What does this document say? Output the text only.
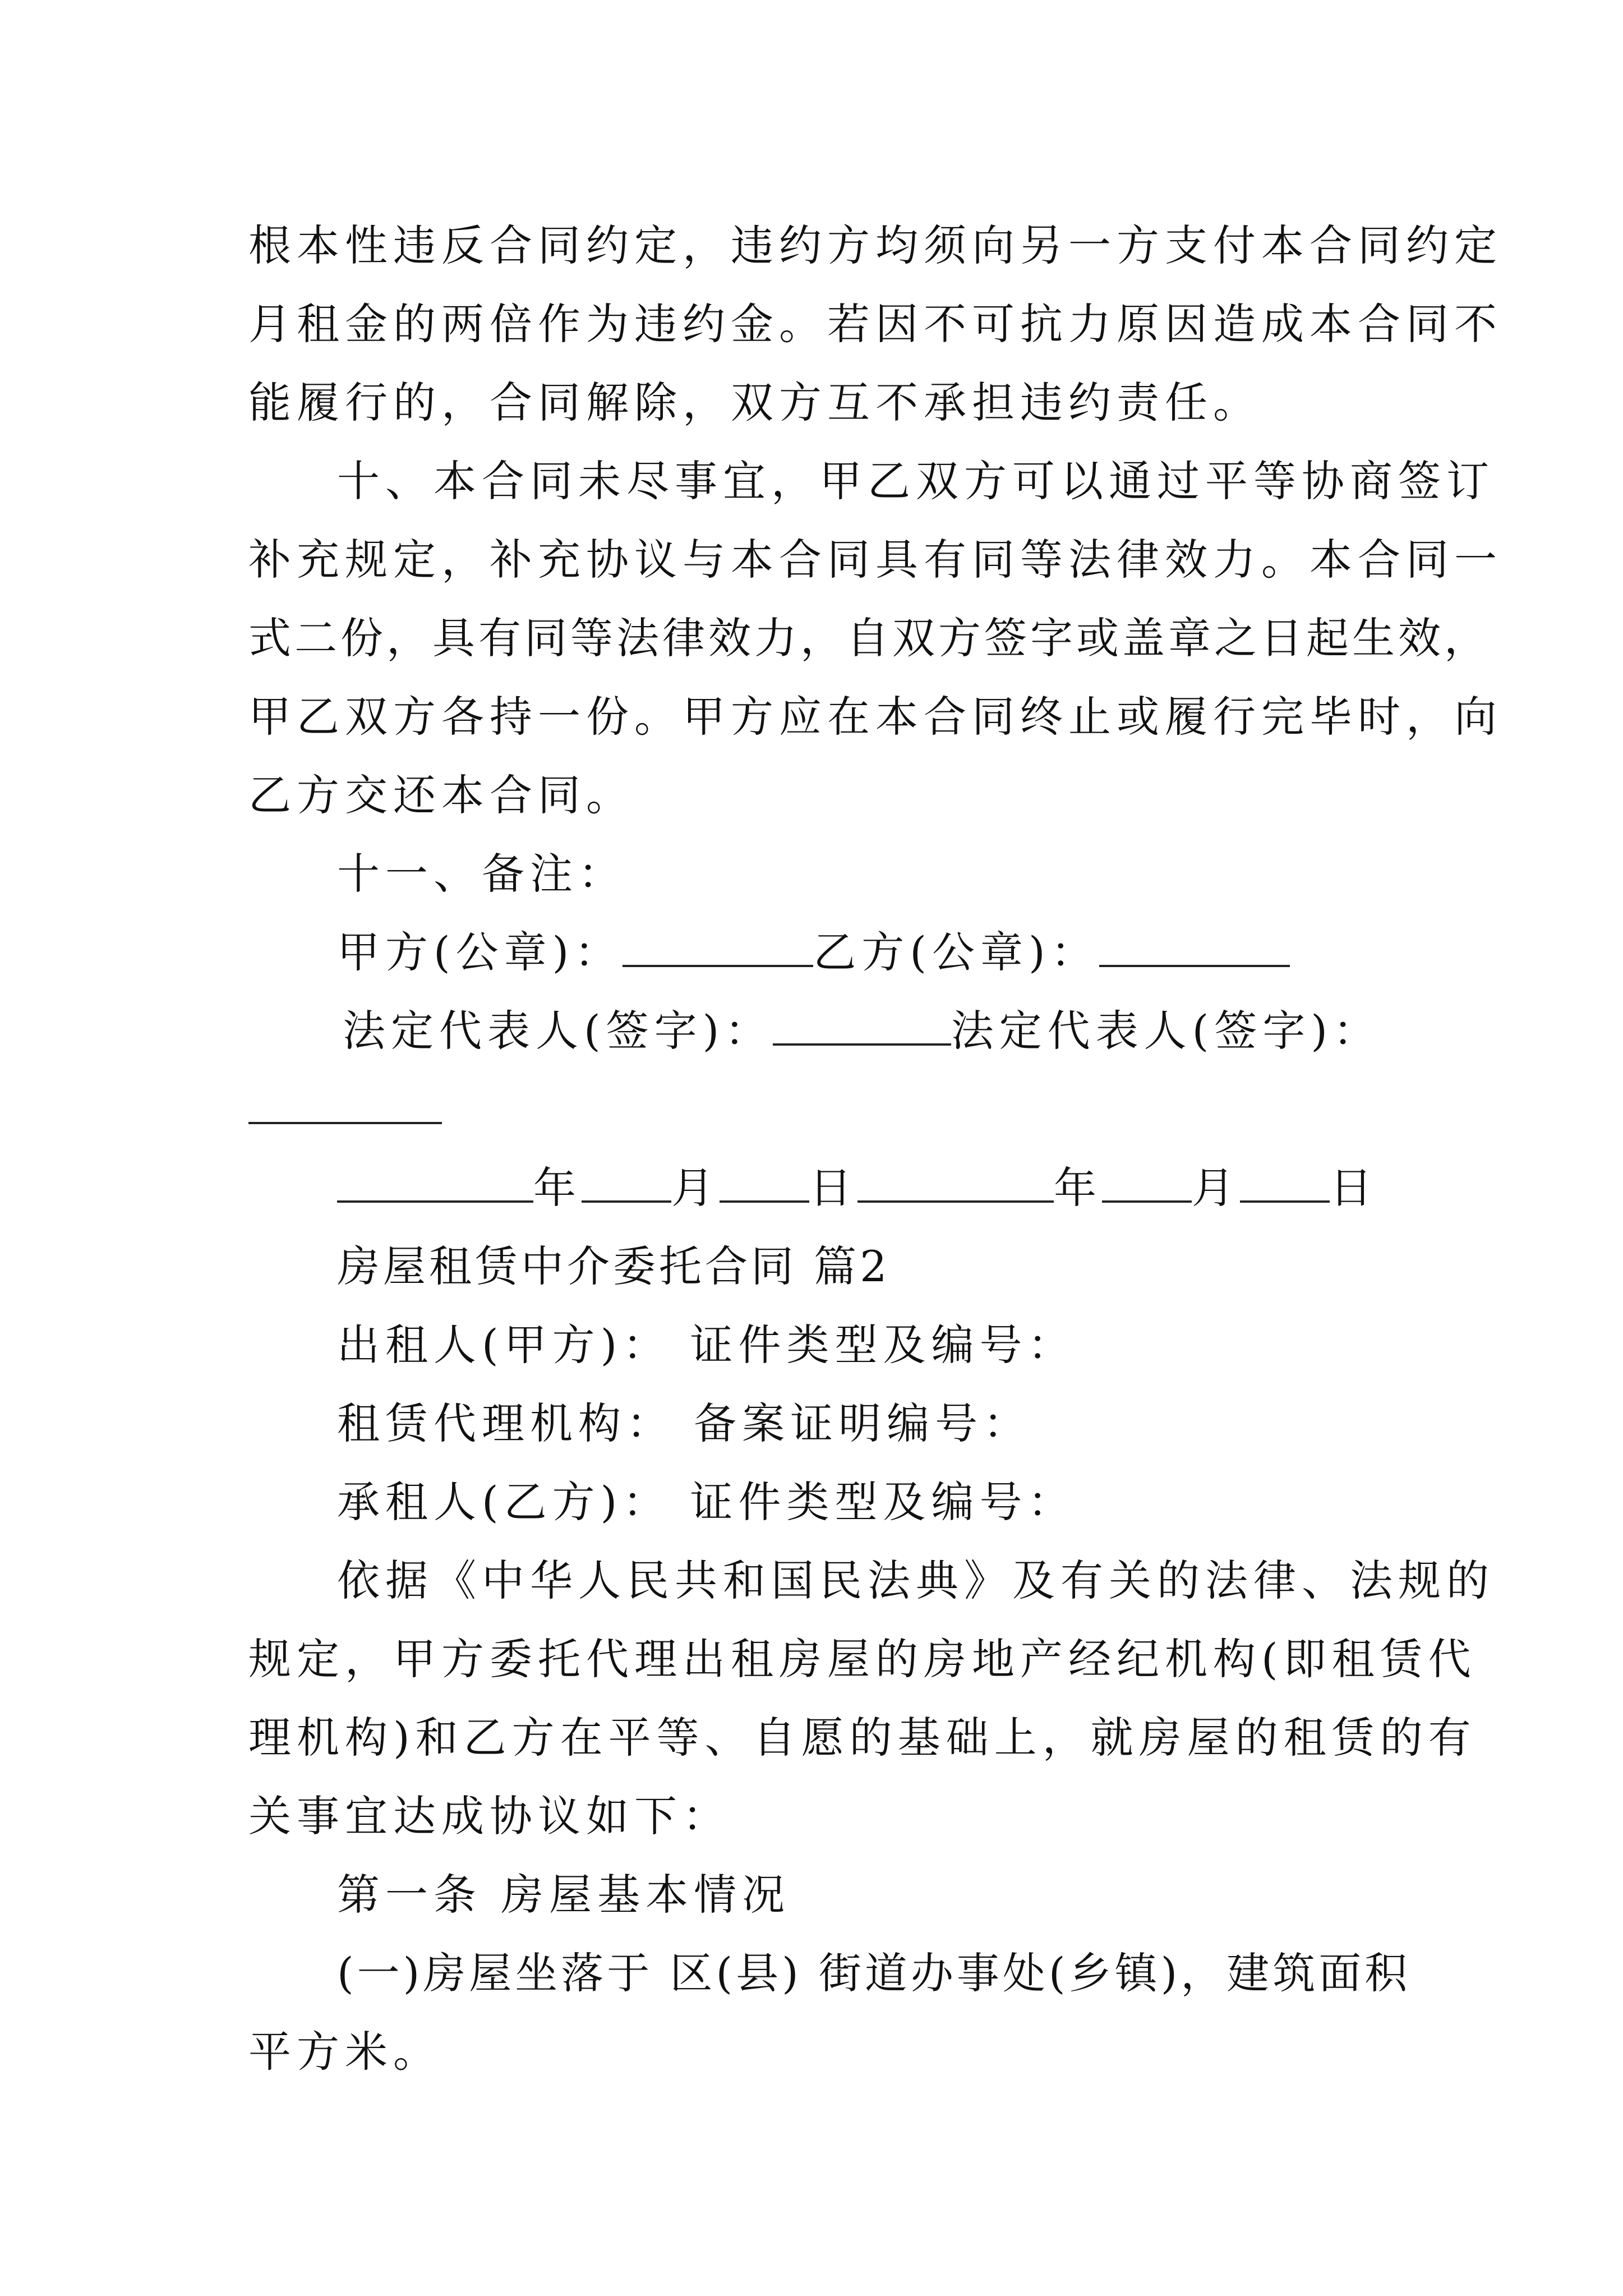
根本性违反合同约定，违约方均须向另一方支付本合同约定
月租金的两倍作为违约金。若因不可抗力原因造成本合同不
能履行的，合同解除，双方互不承担违约责任。
十、本合同未尽事宜，甲乙双方可以通过平等协商签订
补充规定，补充协议与本合同具有同等法律效力。本合同一
式二份，具有同等法律效力，自双方签字或盖章之日起生效，
甲乙双方各持一份。甲方应在本合同终止或履行完毕时，向
乙方交还本合同。
十一、备注：
甲方(公章)：	乙方(公章)：
法定代表人(签字)：	法定代表人(签字)：
年 月 日	年 月 日
房屋租赁中介委托合同 篇2
出租人(甲方)： 证件类型及编号：
租赁代理机构： 备案证明编号：
承租人(乙方)： 证件类型及编号：
依据《中华人民共和国民法典》及有关的法律、法规的
规定，甲方委托代理出租房屋的房地产经纪机构(即租赁代
理机构)和乙方在平等、自愿的基础上，就房屋的租赁的有
关事宜达成协议如下：
第一条 房屋基本情况
(一)房屋坐落于 区(县) 街道办事处(乡镇)，建筑面积
平方米。
